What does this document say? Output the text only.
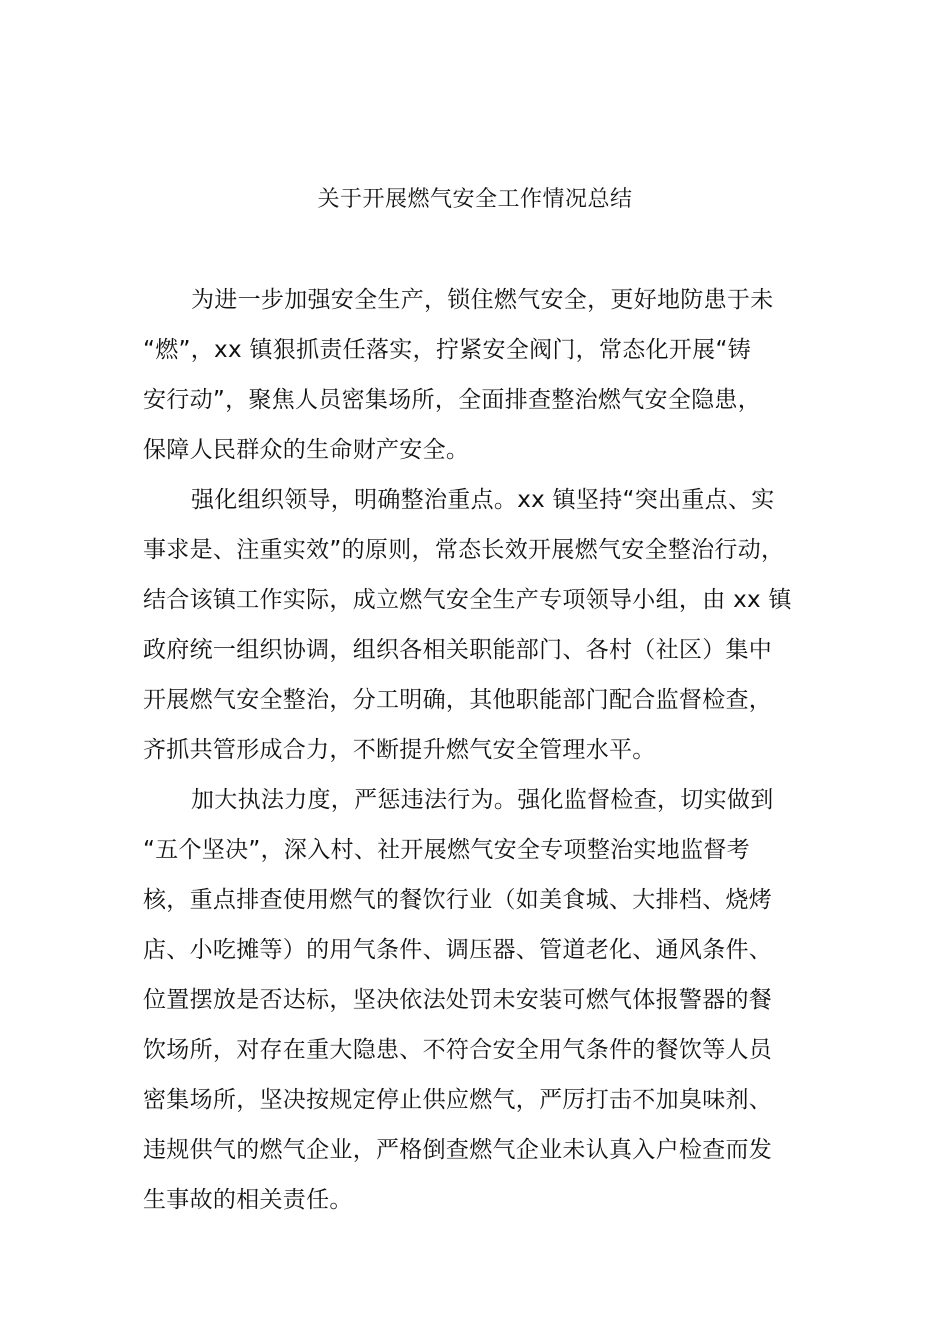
关于开展燃气安全工作情况总结
为进一步加强安全生产，锁住燃气安全，更好地防患于未
“燃”，xx 镇狠抓责任落实，拧紧安全阀门，常态化开展“铸
安行动”，聚焦人员密集场所，全面排查整治燃气安全隐患，
保障人民群众的生命财产安全。
强化组织领导，明确整治重点。xx 镇坚持“突出重点、实
事求是、注重实效”的原则，常态长效开展燃气安全整治行动，
结合该镇工作实际，成立燃气安全生产专项领导小组，由 xx 镇
政府统一组织协调，组织各相关职能部门、各村（社区）集中
开展燃气安全整治，分工明确，其他职能部门配合监督检查，
齐抓共管形成合力，不断提升燃气安全管理水平。
加大执法力度，严惩违法行为。强化监督检查，切实做到
“五个坚决”，深入村、社开展燃气安全专项整治实地监督考
核，重点排查使用燃气的餐饮行业（如美食城、大排档、烧烤
店、小吃摊等）的用气条件、调压器、管道老化、通风条件、
位置摆放是否达标，坚决依法处罚未安装可燃气体报警器的餐
饮场所，对存在重大隐患、不符合安全用气条件的餐饮等人员
密集场所，坚决按规定停止供应燃气，严厉打击不加臭味剂、
违规供气的燃气企业，严格倒查燃气企业未认真入户检查而发
生事故的相关责任。
